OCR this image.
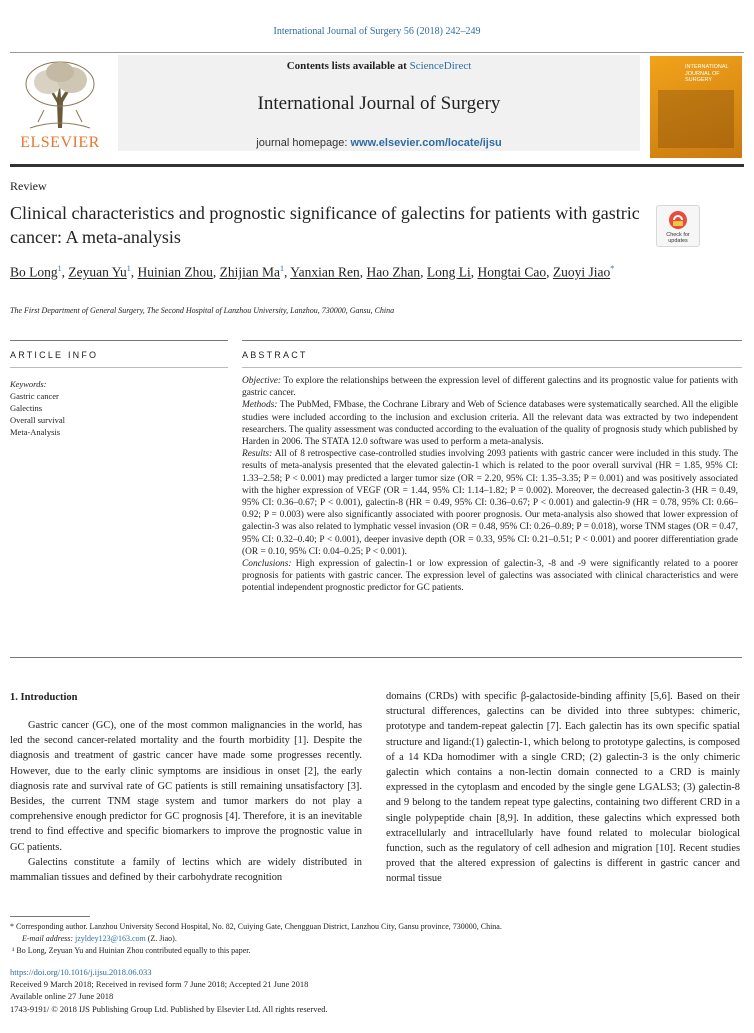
International Journal of Surgery 56 (2018) 242–249
ELSEVIER
Contents lists available at ScienceDirect
International Journal of Surgery
journal homepage: www.elsevier.com/locate/ijsu
INTERNATIONAL JOURNAL OF SURGERY
Review
Clinical characteristics and prognostic significance of galectins for patients with gastric cancer: A meta-analysis	Check for updates
Bo Long$^1$, Zeyuan Yu$^1$, Huinian Zhou, Zhijian Ma$^1$, Yanxian Ren, Hao Zhan, Long Li, Hongtai Cao, Zuoyi Jiao*
The First Department of General Surgery, The Second Hospital of Lanzhou University, Lanzhou, 730000, Gansu, China
ARTICLE INFO	ABSTRACT
Keywords:
Gastric cancer
Galectins
Overall survival
Meta-Analysis

Objective: To explore the relationships between the expression level of different galectins and its prognostic value for patients with gastric cancer.

Methods: The PubMed, FMbase, the Cochrane Library and Web of Science databases were systematically searched. All the eligible studies were included according to the inclusion and exclusion criteria. All the relevant data was extracted by two independent researchers. The quality assessment was conducted according to the evaluation of the quality of prognosis study which published by Harden in 2006. The STATA 12.0 software was used to perform a meta-analysis.

Results: All of 8 retrospective case-controlled studies involving 2093 patients with gastric cancer were included in this study. The results of meta-analysis presented that the elevated galectin-1 which is related to the poor overall survival (HR = 1.85, 95% CI: 1.33–2.58; P < 0.001) may predicted a larger tumor size (OR = 2.20, 95% CI: 1.35–3.35; P = 0.001) and was positively associated with the higher expression of VEGF (OR = 1.44, 95% CI: 1.14–1.82; P = 0.002). Moreover, the decreased galectin-3 (HR = 0.49, 95% CI: 0.36–0.67; P < 0.001), galectin-8 (HR = 0.49, 95% CI: 0.36–0.67; P < 0.001) and galectin-9 (HR = 0.78, 95% CI: 0.66–0.92; P = 0.003) were also significantly associated with poorer prognosis. Our meta-analysis also showed that lower expression of galectin-3 was also related to lymphatic vessel invasion (OR = 0.48, 95% CI: 0.26–0.89; P = 0.018), worse TNM stages (OR = 0.47, 95% CI: 0.32–0.40; P < 0.001), deeper invasive depth (OR = 0.33, 95% CI: 0.21–0.51; P < 0.001) and poorer differentiation grade (OR = 0.10, 95% CI: 0.04–0.25; P < 0.001).

Conclusions: High expression of galectin-1 or low expression of galectin-3, -8 and -9 were significantly related to a poorer prognosis for patients with gastric cancer. The expression level of galectins was associated with clinical characteristics and were potential independent prognostic predictor for GC patients.

1. Introduction

Gastric cancer (GC), one of the most common malignancies in the world, has led the second cancer-related mortality and the fourth morbidity [1]. Despite the diagnosis and treatment of gastric cancer have made some progresses recently. However, due to the early clinic symptoms are insidious in onset [2], the early diagnosis rate and survival rate of GC patients is still remaining unsatisfactory [3]. Besides, the current TNM stage system and tumor markers do not play a comprehensive enough predictor for GC prognosis [4]. Therefore, it is an inevitable trend to find effective and specific biomarkers to improve the prognostic value in GC patients.

Galectins constitute a family of lectins which are widely distributed in mammalian tissues and defined by their carbohydrate recognition

domains (CRDs) with specific β-galactoside-binding affinity [5,6]. Based on their structural differences, galectins can be divided into three subtypes: chimeric, prototype and tandem-repeat galectin [7]. Each galectin has its own specific spatial structure and ligand:(1) galectin-1, which belong to prototype galectins, is composed of a 14 KDa homodimer with a single CRD; (2) galectin-3 is the only chimeric galectin which contains a non-lectin domain connected to a CRD is mainly expressed in the cytoplasm and encoded by the single gene LGALS3; (3) galectin-8 and 9 belong to the tandem repeat type galectins, containing two different CRD in a single polypeptide chain [8,9]. In addition, these galectins which expressed both extracellularly and intracellularly have found related to molecular biological function, such as the regulatory of cell adhesion and migration [10]. Recent studies proved that the altered expression of galectins is different in gastric cancer and normal tissue

* Corresponding author. Lanzhou University Second Hospital, No. 82, Cuiying Gate, Chengguan District, Lanzhou City, Gansu province, 730000, China.
E-mail address: jzyldey123@163.com (Z. Jiao).
¹ Bo Long, Zeyuan Yu and Huinian Zhou contributed equally to this paper.
https://doi.org/10.1016/j.ijsu.2018.06.033
Received 9 March 2018; Received in revised form 7 June 2018; Accepted 21 June 2018
Available online 27 June 2018
1743-9191/ © 2018 IJS Publishing Group Ltd. Published by Elsevier Ltd. All rights reserved.
